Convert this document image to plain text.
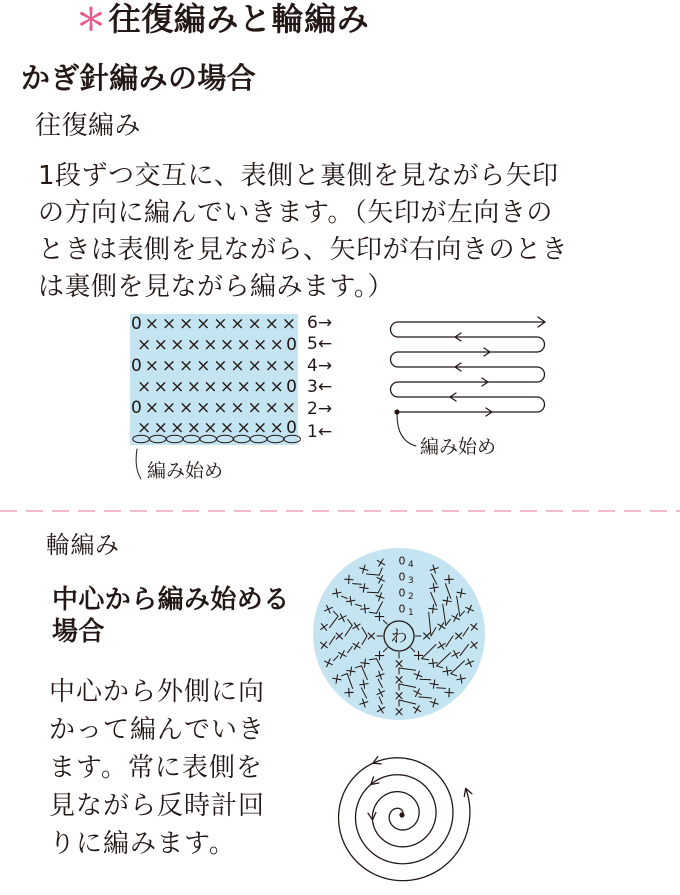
＊往復編みと輪編み
かぎ針編みの場合
往復編み
1段ずつ交互に、表側と裏側を見ながら矢印
の方向に編んでいきます。（矢印が左向きの
ときは表側を見ながら、矢印が右向きのとき
は裏側を見ながら編みます。）
輪編み
中心から編み始める
場合
中心から外側に向
かって編んでいき
ます。常に表側を
見ながら反時計回
りに編みます。
0××××××××× 6→
×××××××××0 5←
0××××××××× 4→
×××××××××0 3←
0××××××××× 2→
×××××××××0 1←
編み始め
編み始め
わ
×
×
× × ×
×
0 1
×
×
×
×
×
× × ×
×
×
×
×
0 2
×
×
×
×
×
×
×
× × × × ×
×
×
×
×
×
×
0 3
×
×
×
×
×
×
×
×
×
×
× × × × ×
×
×
×
×
×
×
×
×
×
0 4
